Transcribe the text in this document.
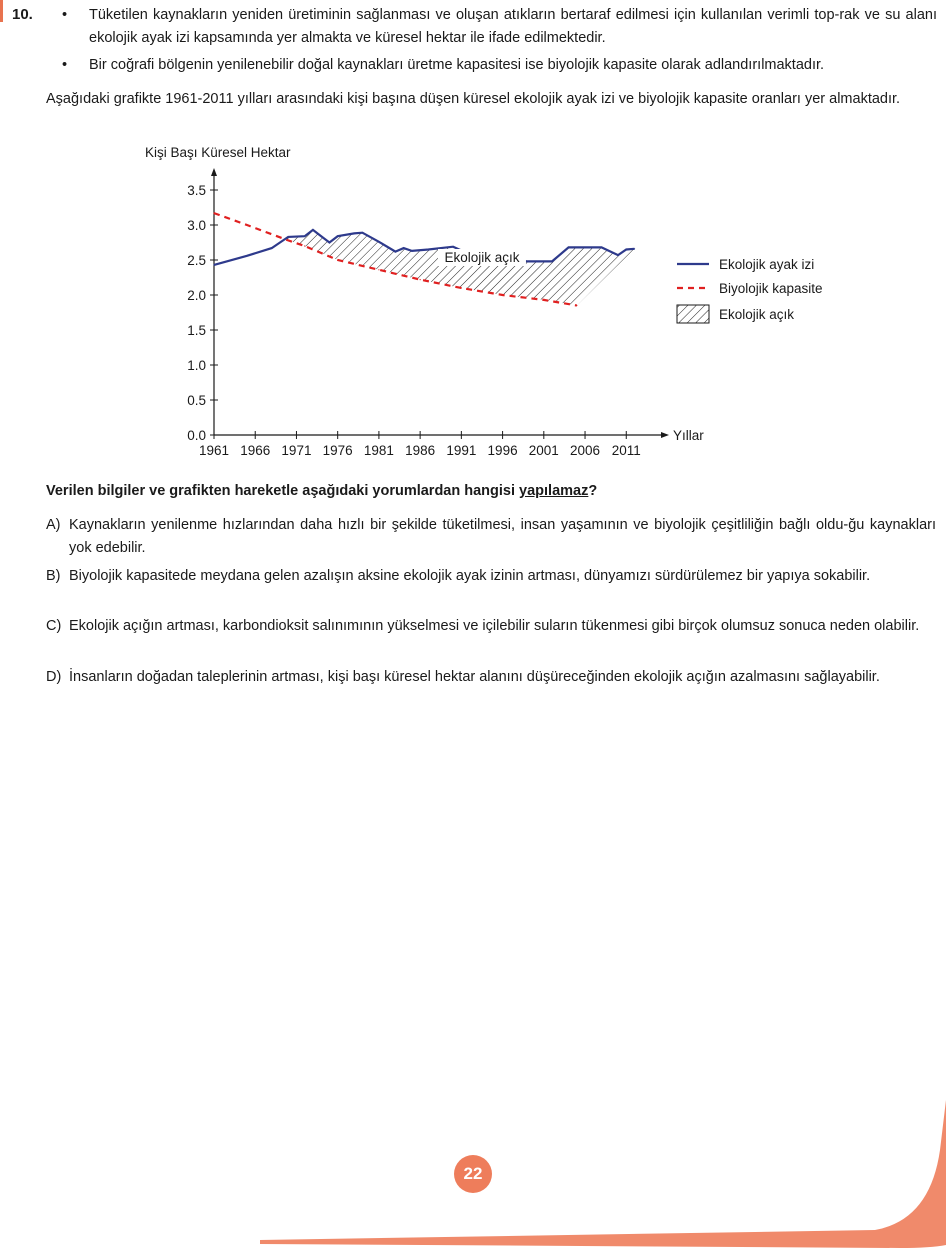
10. • Tüketilen kaynakların yeniden üretiminin sağlanması ve oluşan atıkların bertaraf edilmesi için kullanılan verimli top-rak ve su alanı ekolojik ayak izi kapsamında yer almakta ve küresel hektar ile ifade edilmektedir.
• Bir coğrafi bölgenin yenilenebilir doğal kaynakları üretme kapasitesi ise biyolojik kapasite olarak adlandırılmaktadır.
Aşağıdaki grafikte 1961-2011 yılları arasındaki kişi başına düşen küresel ekolojik ayak izi ve biyolojik kapasite oranları yer almaktadır.
Kişi Başı Küresel Hektar
Yıllar
0.0
0.5
1.0
1.5
2.0
2.5
3.0
3.5
1961 1966 1971 1976 1981 1986 1991 1996 2001 2006 2011
Ekolojik açık	Ekolojik ayak izi
Biyolojik kapasite
Ekolojik açık
Verilen bilgiler ve grafikten hareketle aşağıdaki yorumlardan hangisi yapılamaz?
A) Kaynakların yenilenme hızlarından daha hızlı bir şekilde tüketilmesi, insan yaşamının ve biyolojik çeşitliliğin bağlı oldu-ğu kaynakları yok edebilir.
B) Biyolojik kapasitede meydana gelen azalışın aksine ekolojik ayak izinin artması, dünyamızı sürdürülemez bir yapıya sokabilir.
C) Ekolojik açığın artması, karbondioksit salınımının yükselmesi ve içilebilir suların tükenmesi gibi birçok olumsuz sonuca neden olabilir.
D) İnsanların doğadan taleplerinin artması, kişi başı küresel hektar alanını düşüreceğinden ekolojik açığın azalmasını sağlayabilir.
22
